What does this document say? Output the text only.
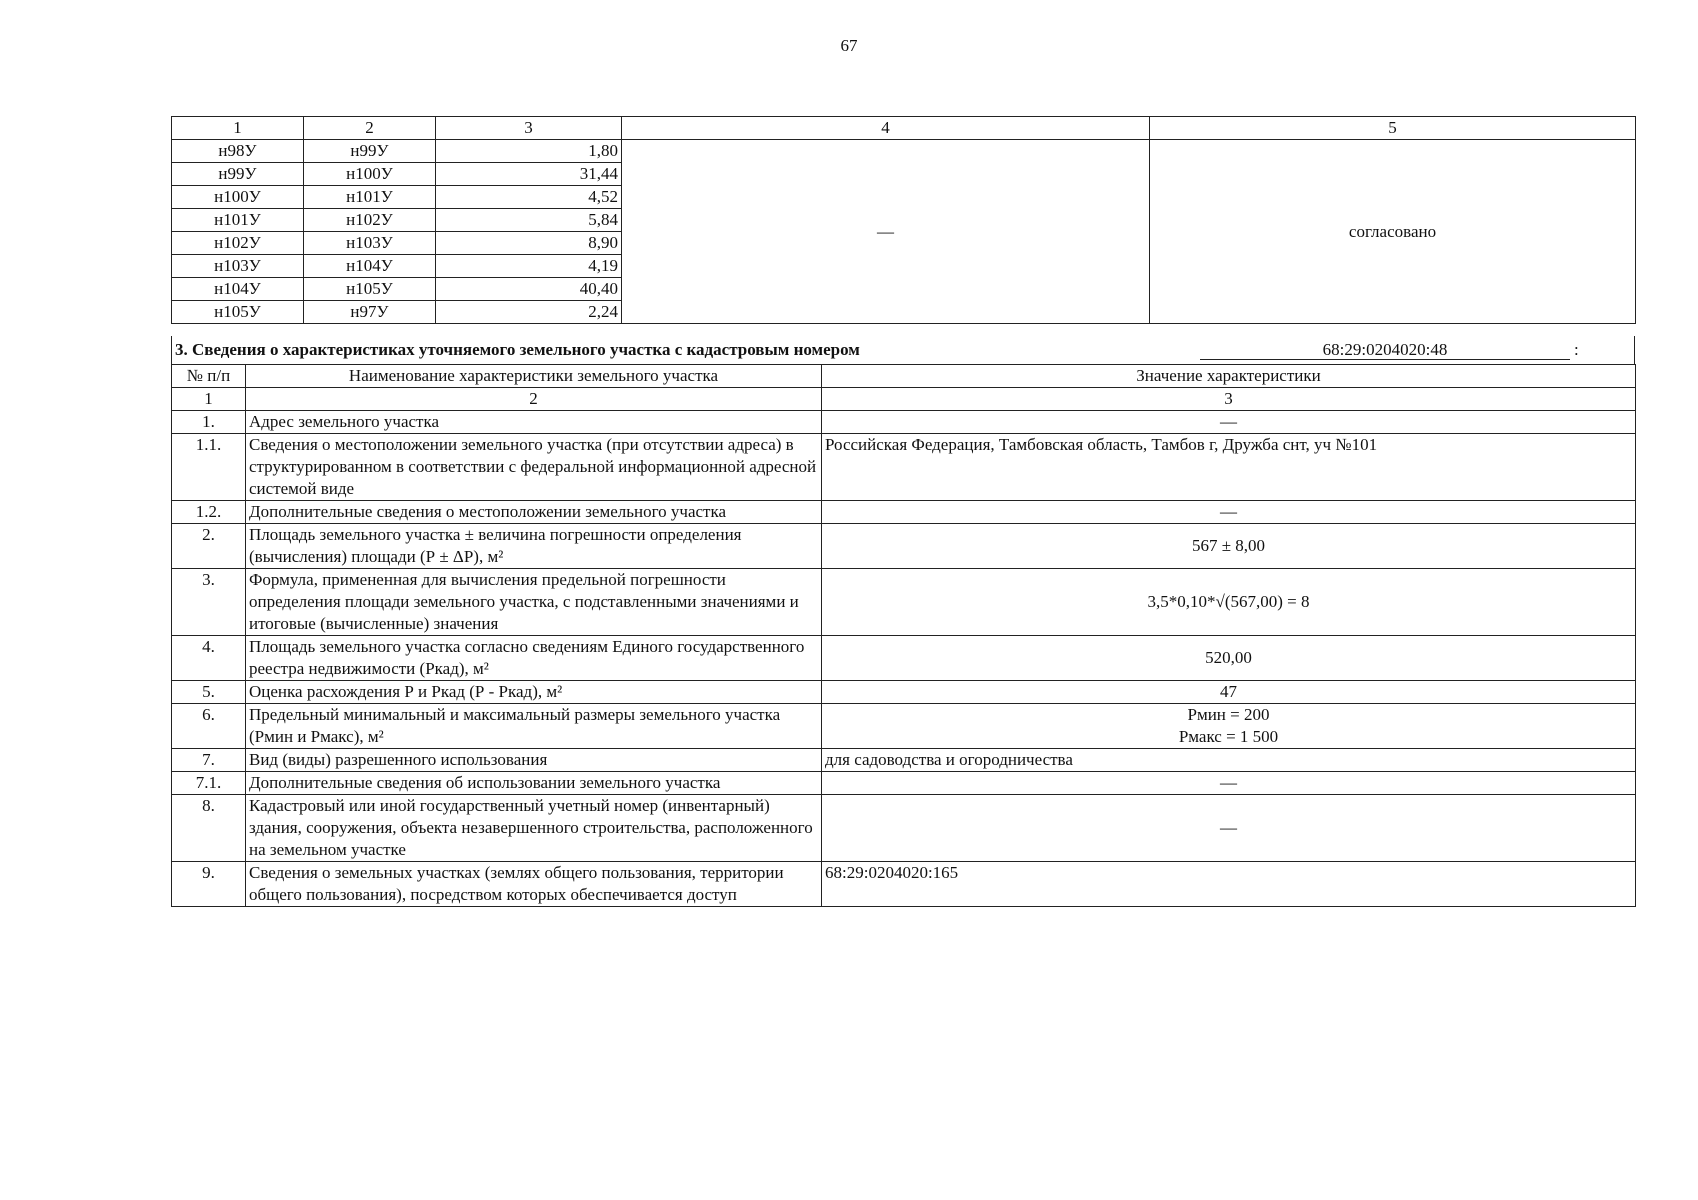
67
1	2	3	4	5
н98У	н99У	1,80	—	согласовано
н99У	н100У	31,44		
н100У	н101У	4,52		
н101У	н102У	5,84		
н102У	н103У	8,90		
н103У	н104У	4,19		
н104У	н105У	40,40		
н105У	н97У	2,24		
3. Сведения о характеристиках уточняемого земельного участка с кадастровым номером	68:29:0204020:48	:
№ п/п	Наименование характеристики земельного участка	Значение характеристики
1	2	3
1.	Адрес земельного участка	—
1.1.	Сведения о местоположении земельного участка (при отсутствии адреса) в структурированном в соответствии с федеральной информационной адресной системой виде	Российская Федерация, Тамбовская область, Тамбов г, Дружба снт, уч №101
1.2.	Дополнительные сведения о местоположении земельного участка	—
2.	Площадь земельного участка ± величина погрешности определения (вычисления) площади (Р ± ΔР), м²	567 ± 8,00
3.	Формула, примененная для вычисления предельной погрешности определения площади земельного участка, с подставленными значениями и итоговые (вычисленные) значения	3,5*0,10*√(567,00) = 8
4.	Площадь земельного участка согласно сведениям Единого государственного реестра недвижимости (Ркад), м²	520,00
5.	Оценка расхождения Р и Ркад (Р - Ркад), м²	47
6.	Предельный минимальный и максимальный размеры земельного участка (Рмин и Рмакс), м²	Рмин = 200
Рмакс = 1 500

7.	Вид (виды) разрешенного использования	для садоводства и огородничества
7.1.	Дополнительные сведения об использовании земельного участка	—
8.	Кадастровый или иной государственный учетный номер (инвентарный) здания, сооружения, объекта незавершенного строительства, расположенного на земельном участке	—
9.	Сведения о земельных участках (землях общего пользования, территории общего пользования), посредством которых обеспечивается доступ	68:29:0204020:165
